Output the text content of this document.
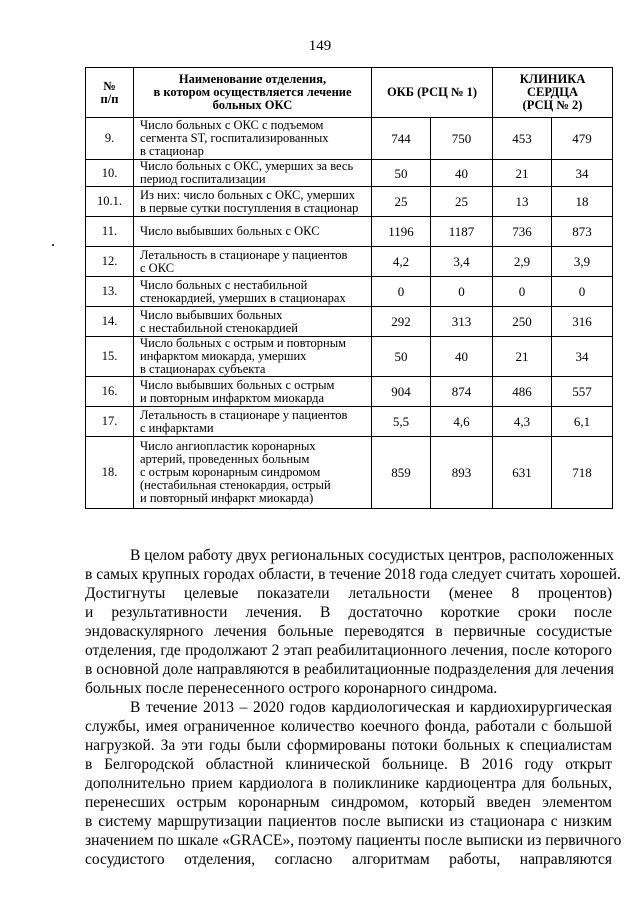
149
№
п/п	Наименование отделения,
в котором осуществляется лечение
больных ОКС	ОКБ (РСЦ № 1)		КЛИНИКА
СЕРДЦА
(РСЦ № 2)	

9.	Число больных с ОКС с подъемом
сегмента ST, госпитализированных
в стационар	744	750	453	479
10.	Число больных с ОКС, умерших за весь
период госпитализации	50	40	21	34
10.1.	Из них: число больных с ОКС, умерших
в первые сутки поступления в стационар	25	25	13	18
11.	Число выбывших больных с ОКС	1196	1187	736	873
12.	Летальность в стационаре у пациентов
с ОКС	4,2	3,4	2,9	3,9
13.	Число больных с нестабильной
стенокардией, умерших в стационарах	0	0	0	0
14.	Число выбывших больных
с нестабильной стенокардией	292	313	250	316
15.	Число больных с острым и повторным
инфарктом миокарда, умерших
в стационарах субъекта	50	40	21	34
16.	Число выбывших больных с острым
и повторным инфарктом миокарда	904	874	486	557
17.	Летальность в стационаре у пациентов
с инфарктами	5,5	4,6	4,3	6,1
18.	Число ангиопластик коронарных
артерий, проведенных больным
с острым коронарным синдромом
(нестабильная стенокардия, острый
и повторный инфаркт миокарда)	859	893	631	718
В целом работу двух региональных сосудистых центров, расположенных
в самых крупных городах области, в течение 2018 года следует считать хорошей.
Достигнуты целевые показатели летальности (менее 8 процентов)
и результативности лечения. В достаточно короткие сроки после
эндоваскулярного лечения больные переводятся в первичные сосудистые
отделения, где продолжают 2 этап реабилитационного лечения, после которого
в основной доле направляются в реабилитационные подразделения для лечения
больных после перенесенного острого коронарного синдрома.
В течение 2013 – 2020 годов кардиологическая и кардиохирургическая
службы, имея ограниченное количество коечного фонда, работали с большой
нагрузкой. За эти годы были сформированы потоки больных к специалистам
в Белгородской областной клинической больнице. В 2016 году открыт
дополнительно прием кардиолога в поликлинике кардиоцентра для больных,
перенесших острым коронарным синдромом, который введен элементом
в систему маршрутизации пациентов после выписки из стационара с низким
значением по шкале «GRACE», поэтому пациенты после выписки из первичного
сосудистого отделения, согласно алгоритмам работы, направляются
